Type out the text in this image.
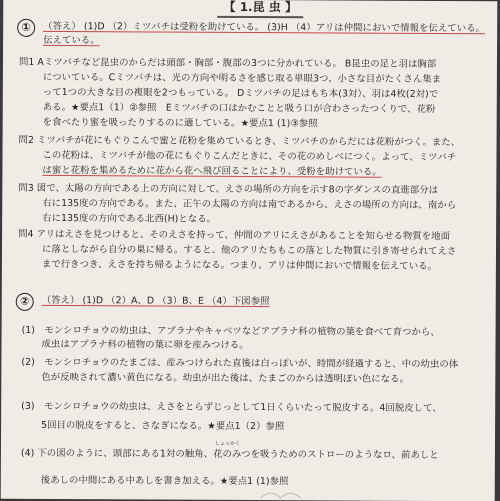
【 1.昆 虫 】
①	（答え） (1)D （2）ミツバチは受粉を助けている。 (3)H （4）アリは仲間においで情報を伝えている。
伝えている。
問1 Aミツバチなど昆虫のからだは頭部・胸部・腹部の3つに分かれている。 B昆虫の足と羽は胸部
についている。Cミツバチは、光の方向や明るさを感じ取る単眼3つ、小さな目がたくさん集ま
って1つの大きな目の複眼を2つもっている。 Dミツバチの足はもち本(3対）、羽は4枚(2対)で
ある。★要点1（1）②参照　Eミツバチの口はかむことと吸う口が合わさったつくりで、花粉
を食べたり蜜を吸ったりするのに適している。★要点1 (1)③参照
問2 ミツバチが花にもぐりこんで蜜と花粉を集めているとき、ミツバチのからだには花粉がつく。また、
この花粉は、ミツバチが他の花にもぐりこんだときに、その花のめしべにつく。よって、ミツバチ
は蜜と花粉を集めるために花から花へ飛び回ることにより、受粉を助けている。
問3 図で、太陽の方向である上の方向に対して、えさの場所の方向を示す8の字ダンスの直進部分は
右に135度の方向である。また、正午の太陽の方向は南であるから、えさの場所の方向は、南から
右に135度の方向である北西(H)となる。
問4 アリはえさを見つけると、そのえさを持って、仲間のアリにえさがあることを知らせる物質を地面
に落としながら自分の巣に帰る。すると、他のアリたちもこの落とした物質に引き寄せられてえさ
まで行きつき、えさを持ち帰るようになる。つまり、アリは仲間においで情報を伝えている。
②	（答え） (1)D （2）A、D （3）B、E （4）下図参照
(1)　モンシロチョウの幼虫は、アブラナやキャベツなどアブラナ科の植物の葉を食べて育つから、
成虫はアブラナ科の植物の葉に卵を産みつける。
(2)　モンシロチョウのたまごは、産みつけられた直後は白っぽいが、時間が経過すると、中の幼虫の体
色が反映されて濃い黄色になる。幼虫が出た後は、たまごのからは透明ぽい色になる。
(3)　モンシロチョウの幼虫は、えさをとらずじっとして1日くらいたって脱皮する。4回脱皮して、
5回目の脱皮をすると、さなぎになる。★要点1（2）参照
しょっかく
(4) 下の図のように、頭部にある1対の触角、花のみつを吸うためのストローのようなロ、前あしと
後あしの中間にある中あしを書き加える。★要点1 (1)参照
